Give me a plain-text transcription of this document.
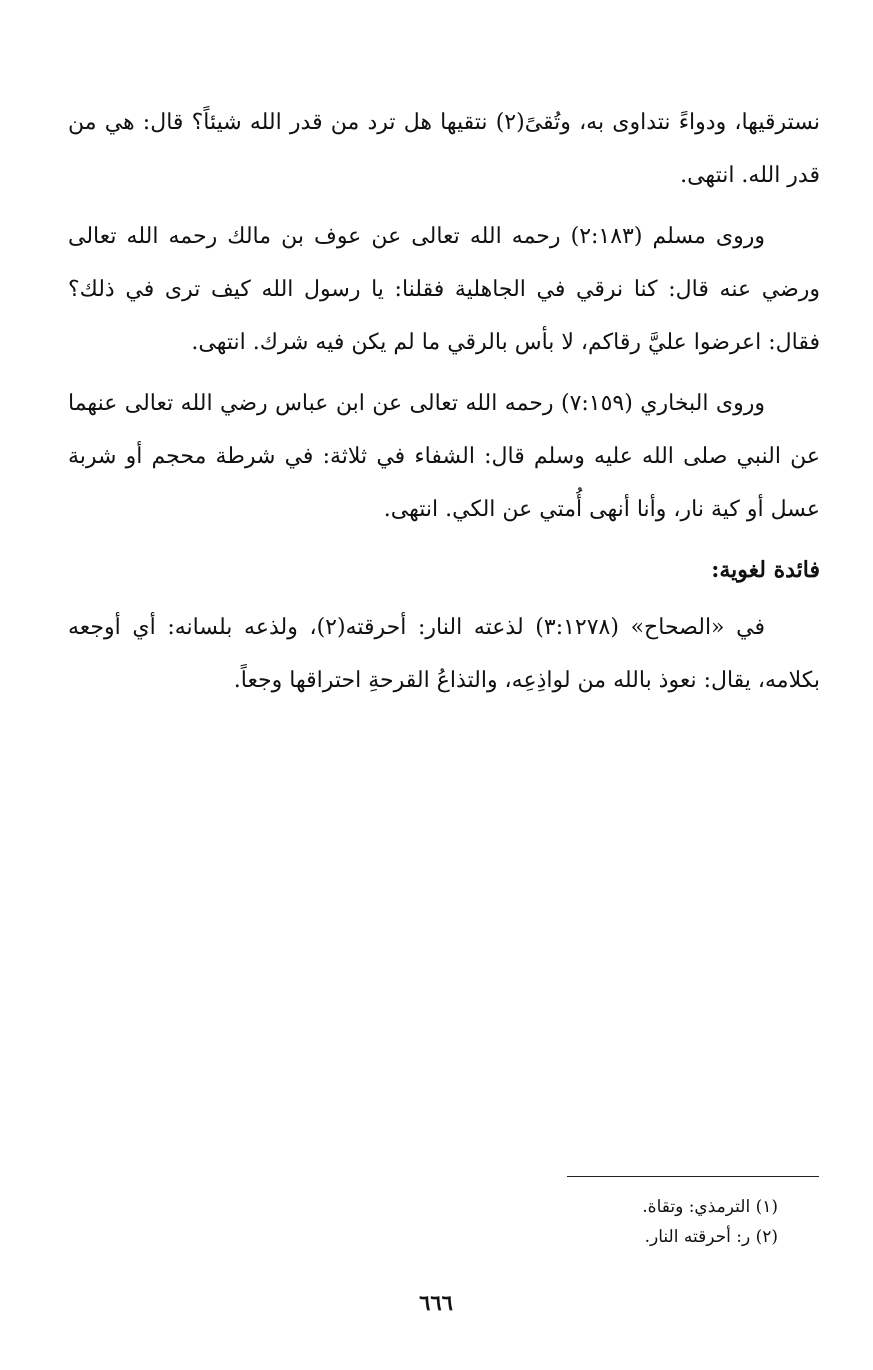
نسترقيها، ودواءً نتداوى به، وتُقىً(٢) نتقيها هل ترد من قدر الله شيئاً؟ قال: هي من قدر الله. انتهى.

وروى مسلم (٢:١٨٣) رحمه الله تعالى عن عوف بن مالك رحمه الله تعالى ورضي عنه قال: كنا نرقي في الجاهلية فقلنا: يا رسول الله كيف ترى في ذلك؟ فقال: اعرضوا عليَّ رقاكم، لا بأس بالرقي ما لم يكن فيه شرك. انتهى.

وروى البخاري (٧:١٥٩) رحمه الله تعالى عن ابن عباس رضي الله تعالى عنهما عن النبي صلى الله عليه وسلم قال: الشفاء في ثلاثة: في شرطة محجم أو شربة عسل أو كية نار، وأنا أنهى أُمتي عن الكي. انتهى.

فائدة لغوية:

في «الصحاح» (٣:١٢٧٨) لذعته النار: أحرقته(٢)، ولذعه بلسانه: أي أوجعه بكلامه، يقال: نعوذ بالله من لواذِعِه، والتذاعُ القرحةِ احتراقها وجعاً.

(١) الترمذي: وتقاة.

(٢) ر: أحرقته النار.

٦٦٦
